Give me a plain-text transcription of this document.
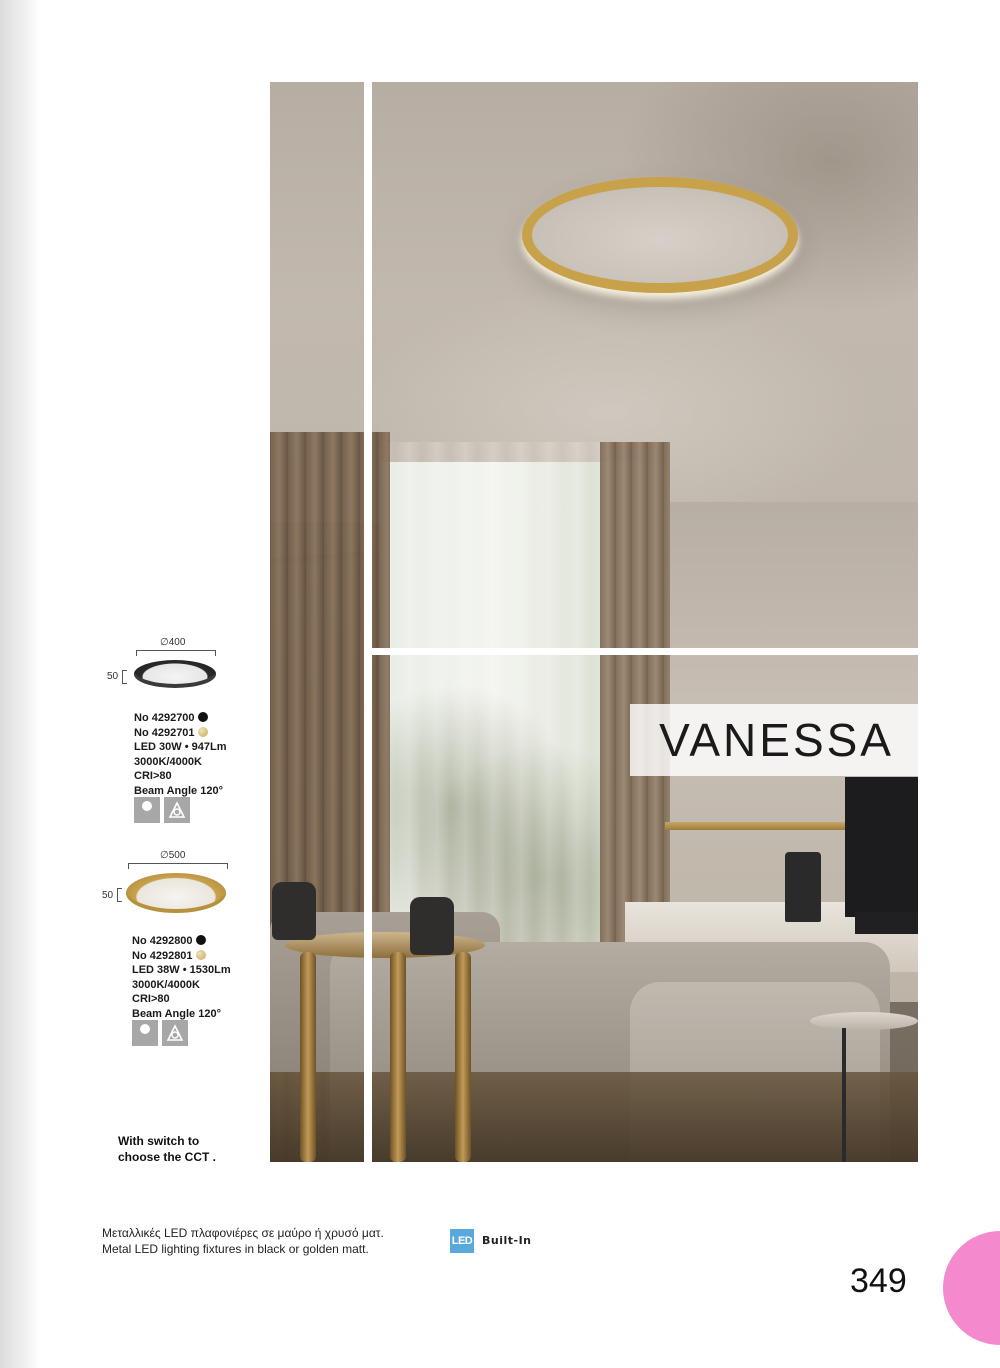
VANESSA
∅400
50
No 4292700
No 4292701
LED 30W • 947Lm
3000K/4000K
CRI>80
Beam Angle 120°
∅500
50
No 4292800
No 4292801
LED 38W • 1530Lm
3000K/4000K
CRI>80
Beam Angle 120°
With switch to
choose the CCT .
Μεταλλικές LED πλαφονιέρες σε μαύρο ή χρυσό ματ.
Metal LED lighting fixtures in black or golden matt.
LED Built-In
349
